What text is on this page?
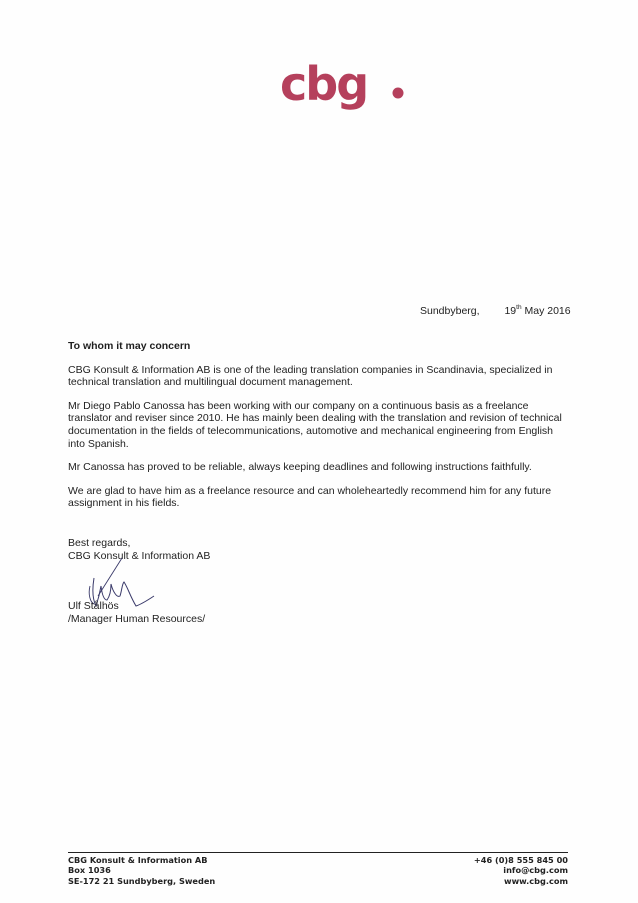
cbg
Sundbyberg, 19th May 2016

To whom it may concern

CBG Konsult & Information AB is one of the leading translation companies in Scandinavia, specialized in technical translation and multilingual document management.

Mr Diego Pablo Canossa has been working with our company on a continuous basis as a freelance translator and reviser since 2010. He has mainly been dealing with the translation and revision of technical documentation in the fields of telecommunications, automotive and mechanical engineering from English into Spanish.

Mr Canossa has proved to be reliable, always keeping deadlines and following instructions faithfully.

We are glad to have him as a freelance resource and can wholeheartedly recommend him for any future assignment in his fields.

Best regards,
CBG Konsult & Information AB
Ulf Stålhös
/Manager Human Resources/
CBG Konsult & Information AB
Box 1036
SE-172 21 Sundbyberg, Sweden
+46 (0)8 555 845 00
info@cbg.com
www.cbg.com
